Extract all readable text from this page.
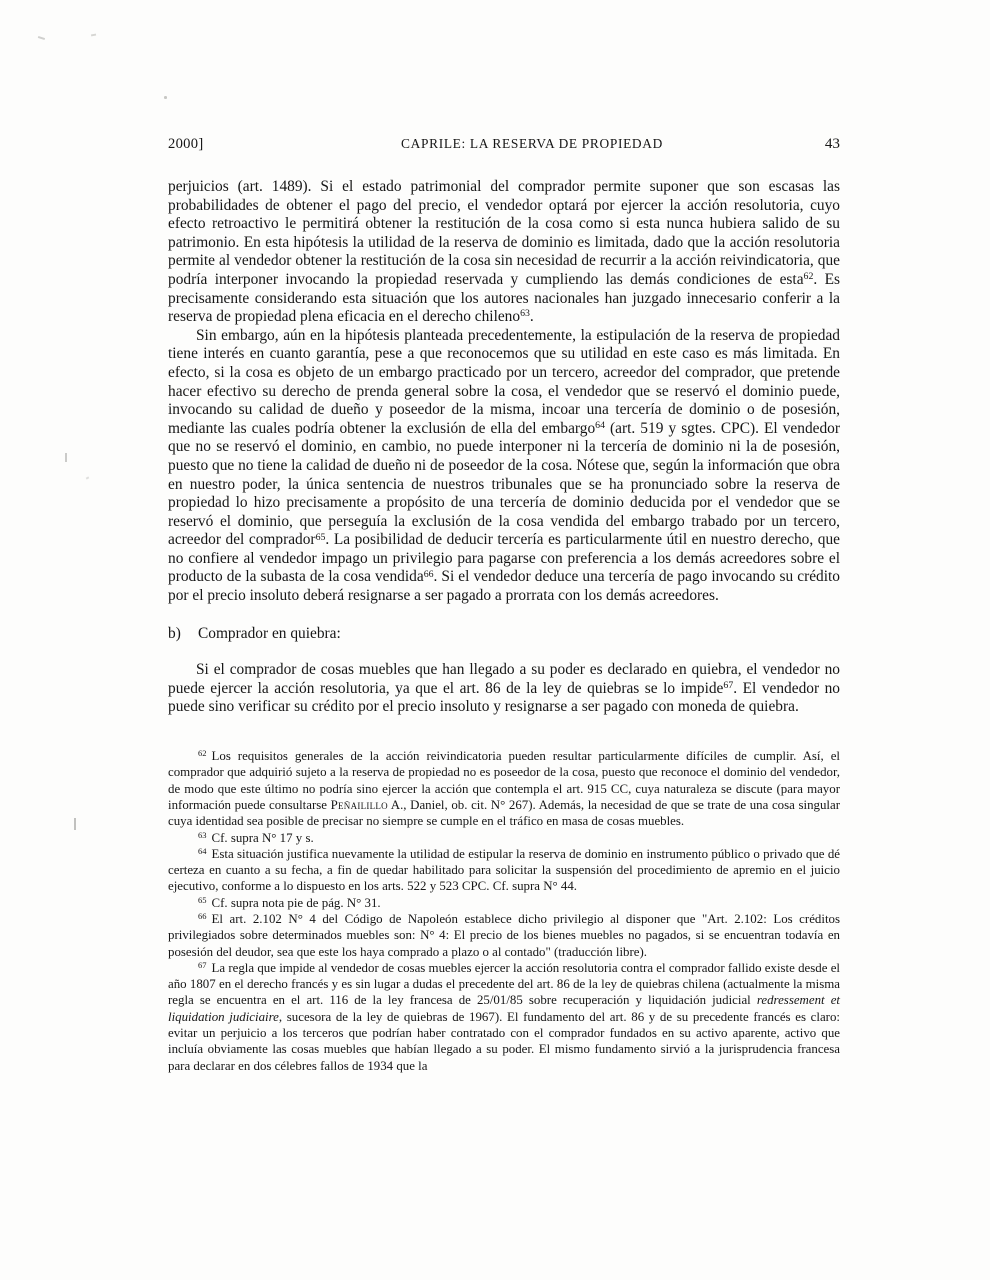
2000]	CAPRILE: LA RESERVA DE PROPIEDAD	43

perjuicios (art. 1489). Si el estado patrimonial del comprador permite suponer que son escasas las probabilidades de obtener el pago del precio, el vendedor optará por ejercer la acción resolutoria, cuyo efecto retroactivo le permitirá obtener la restitución de la cosa como si esta nunca hubiera salido de su patrimonio. En esta hipótesis la utilidad de la reserva de dominio es limitada, dado que la acción resolutoria permite al vendedor obtener la restitución de la cosa sin necesidad de recurrir a la acción reivindicatoria, que podría interponer invocando la propiedad reservada y cumpliendo las demás condiciones de esta$^{62}$. Es precisamente considerando esta situación que los autores nacionales han juzgado innecesario conferir a la reserva de propiedad plena eficacia en el derecho chileno$^{63}$.

Sin embargo, aún en la hipótesis planteada precedentemente, la estipulación de la reserva de propiedad tiene interés en cuanto garantía, pese a que reconocemos que su utilidad en este caso es más limitada. En efecto, si la cosa es objeto de un embargo practicado por un tercero, acreedor del comprador, que pretende hacer efectivo su derecho de prenda general sobre la cosa, el vendedor que se reservó el dominio puede, invocando su calidad de dueño y poseedor de la misma, incoar una tercería de dominio o de posesión, mediante las cuales podría obtener la exclusión de ella del embargo$^{64}$ (art. 519 y sgtes. CPC). El vendedor que no se reservó el dominio, en cambio, no puede interponer ni la tercería de dominio ni la de posesión, puesto que no tiene la calidad de dueño ni de poseedor de la cosa. Nótese que, según la información que obra en nuestro poder, la única sentencia de nuestros tribunales que se ha pronunciado sobre la reserva de propiedad lo hizo precisamente a propósito de una tercería de dominio deducida por el vendedor que se reservó el dominio, que perseguía la exclusión de la cosa vendida del embargo trabado por un tercero, acreedor del comprador$^{65}$. La posibilidad de deducir tercería es particularmente útil en nuestro derecho, que no confiere al vendedor impago un privilegio para pagarse con preferencia a los demás acreedores sobre el producto de la subasta de la cosa vendida$^{66}$. Si el vendedor deduce una tercería de pago invocando su crédito por el precio insoluto deberá resignarse a ser pagado a prorrata con los demás acreedores.

b) Comprador en quiebra:

Si el comprador de cosas muebles que han llegado a su poder es declarado en quiebra, el vendedor no puede ejercer la acción resolutoria, ya que el art. 86 de la ley de quiebras se lo impide$^{67}$. El vendedor no puede sino verificar su crédito por el precio insoluto y resignarse a ser pagado con moneda de quiebra.

$^{62}$ Los requisitos generales de la acción reivindicatoria pueden resultar particularmente difíciles de cumplir. Así, el comprador que adquirió sujeto a la reserva de propiedad no es poseedor de la cosa, puesto que reconoce el dominio del vendedor, de modo que este último no podría sino ejercer la acción que contempla el art. 915 CC, cuya naturaleza se discute (para mayor información puede consultarse Peñailillo A., Daniel, ob. cit. N° 267). Además, la necesidad de que se trate de una cosa singular cuya identidad sea posible de precisar no siempre se cumple en el tráfico en masa de cosas muebles.

$^{63}$ Cf. supra N° 17 y s.

$^{64}$ Esta situación justifica nuevamente la utilidad de estipular la reserva de dominio en instrumento público o privado que dé certeza en cuanto a su fecha, a fin de quedar habilitado para solicitar la suspensión del procedimiento de apremio en el juicio ejecutivo, conforme a lo dispuesto en los arts. 522 y 523 CPC. Cf. supra N° 44.

$^{65}$ Cf. supra nota pie de pág. N° 31.

$^{66}$ El art. 2.102 N° 4 del Código de Napoleón establece dicho privilegio al disponer que "Art. 2.102: Los créditos privilegiados sobre determinados muebles son: N° 4: El precio de los bienes muebles no pagados, si se encuentran todavía en posesión del deudor, sea que este los haya comprado a plazo o al contado" (traducción libre).

$^{67}$ La regla que impide al vendedor de cosas muebles ejercer la acción resolutoria contra el comprador fallido existe desde el año 1807 en el derecho francés y es sin lugar a dudas el precedente del art. 86 de la ley de quiebras chilena (actualmente la misma regla se encuentra en el art. 116 de la ley francesa de 25/01/85 sobre recuperación y liquidación judicial redressement et liquidation judiciaire, sucesora de la ley de quiebras de 1967). El fundamento del art. 86 y de su precedente francés es claro: evitar un perjuicio a los terceros que podrían haber contratado con el comprador fundados en su activo aparente, activo que incluía obviamente las cosas muebles que habían llegado a su poder. El mismo fundamento sirvió a la jurisprudencia francesa para declarar en dos célebres fallos de 1934 que la
